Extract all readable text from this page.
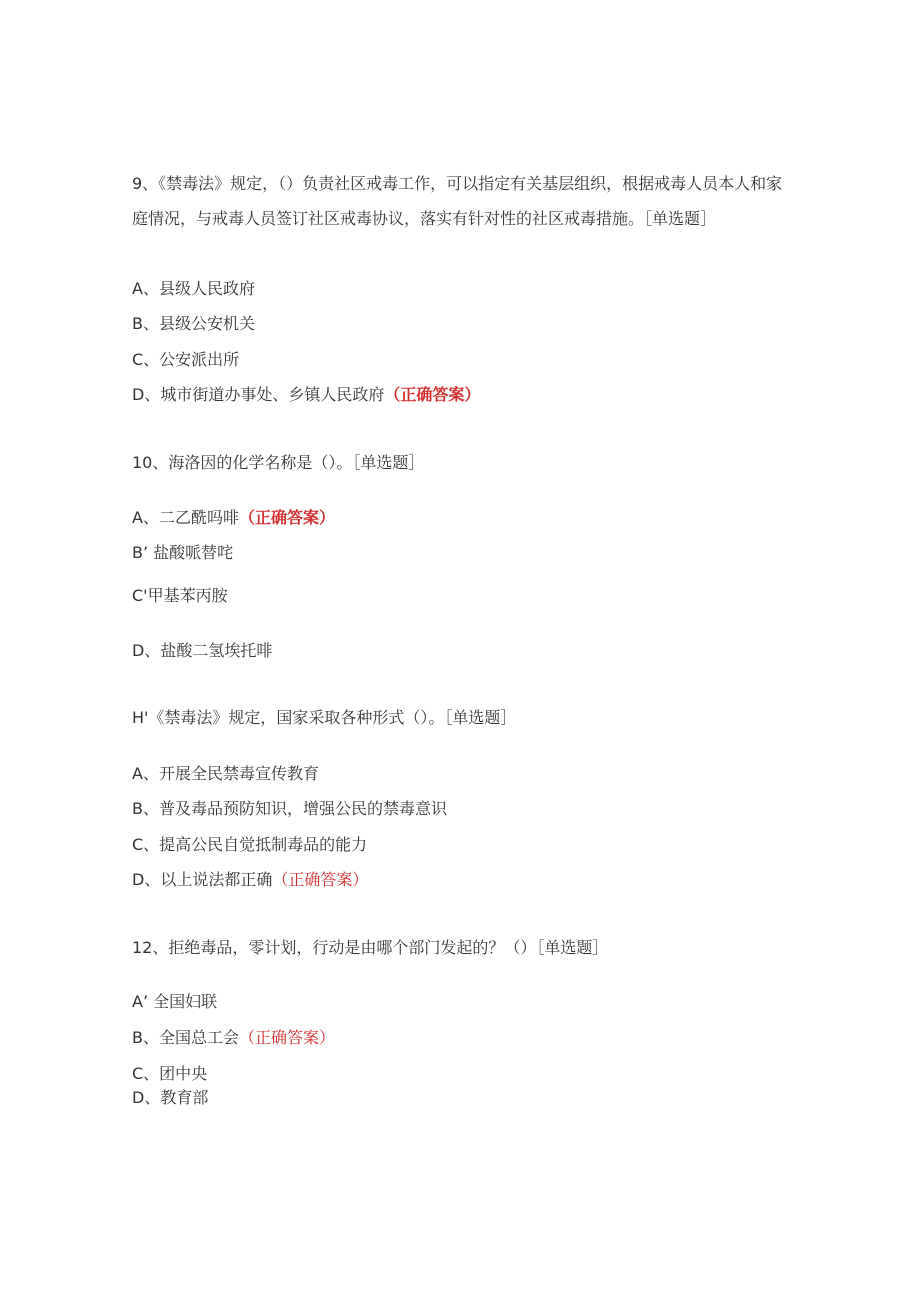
9、《禁毒法》规定，（）负责社区戒毒工作，可以指定有关基层组织，根据戒毒人员本人和家庭情况，与戒毒人员签订社区戒毒协议，落实有针对性的社区戒毒措施。［单选题］
A、县级人民政府
B、县级公安机关
C、公安派出所
D、城市街道办事处、乡镇人民政府（正确答案）
10、海洛因的化学名称是（）。［单选题］
A、二乙酰吗啡（正确答案）
B’ 盐酸哌替咤
C'甲基苯丙胺
D、盐酸二氢埃托啡
H'《禁毒法》规定，国家采取各种形式（）。［单选题］
A、开展全民禁毒宣传教育
B、普及毒品预防知识，增强公民的禁毒意识
C、提高公民自觉抵制毒品的能力
D、以上说法都正确（正确答案）
12、拒绝毒品，零计划，行动是由哪个部门发起的？（）［单选题］
A’ 全国妇联
B、全国总工会（正确答案）
C、团中央
D、教育部
